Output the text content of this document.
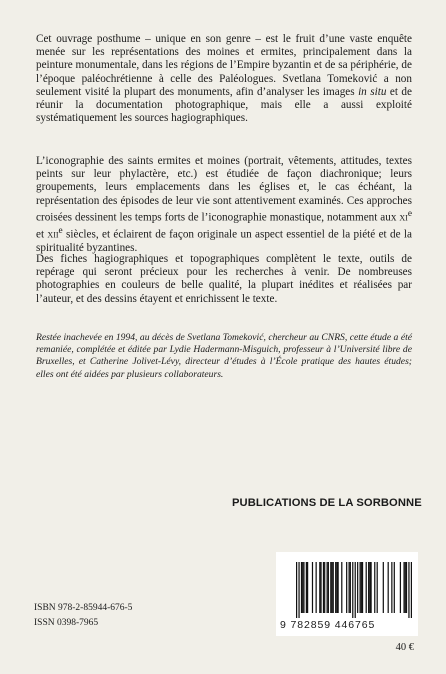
Cet ouvrage posthume – unique en son genre – est le fruit d’une vaste enquête menée sur les représentations des moines et ermites, principalement dans la peinture monumentale, dans les régions de l’Empire byzantin et de sa périphérie, de l’époque paléochrétienne à celle des Paléologues. Svetlana Tomeković a non seulement visité la plupart des monuments, afin d’analyser les images in situ et de réunir la documentation photographique, mais elle a aussi exploité systématiquement les sources hagiographiques.

L’iconographie des saints ermites et moines (portrait, vêtements, attitudes, textes peints sur leur phylactère, etc.) est étudiée de façon diachronique; leurs groupements, leurs emplacements dans les églises et, le cas échéant, la représentation des épisodes de leur vie sont attentivement examinés. Ces approches croisées dessinent les temps forts de l’iconographie monastique, notamment aux $xi^e$ et xii$^e$ siècles, et éclairent de façon originale un aspect essentiel de la piété et de la spiritualité byzantines.

Des fiches hagiographiques et topographiques complètent le texte, outils de repérage qui seront précieux pour les recherches à venir. De nombreuses photographies en couleurs de belle qualité, la plupart inédites et réalisées par l’auteur, et des dessins étayent et enrichissent le texte.

Restée inachevée en 1994, au décès de Svetlana Tomeković, chercheur au CNRS, cette étude a été remaniée, complétée et éditée par Lydie Hadermann-Misguich, professeur à l’Université libre de Bruxelles, et Catherine Jolivet-Lévy, directeur d’études à l’École pratique des hautes études; elles ont été aidées par plusieurs collaborateurs.

PUBLICATIONS DE LA SORBONNE
9 782859 446765
ISBN 978-2-85944-676-5
ISSN 0398-7965
40 €
